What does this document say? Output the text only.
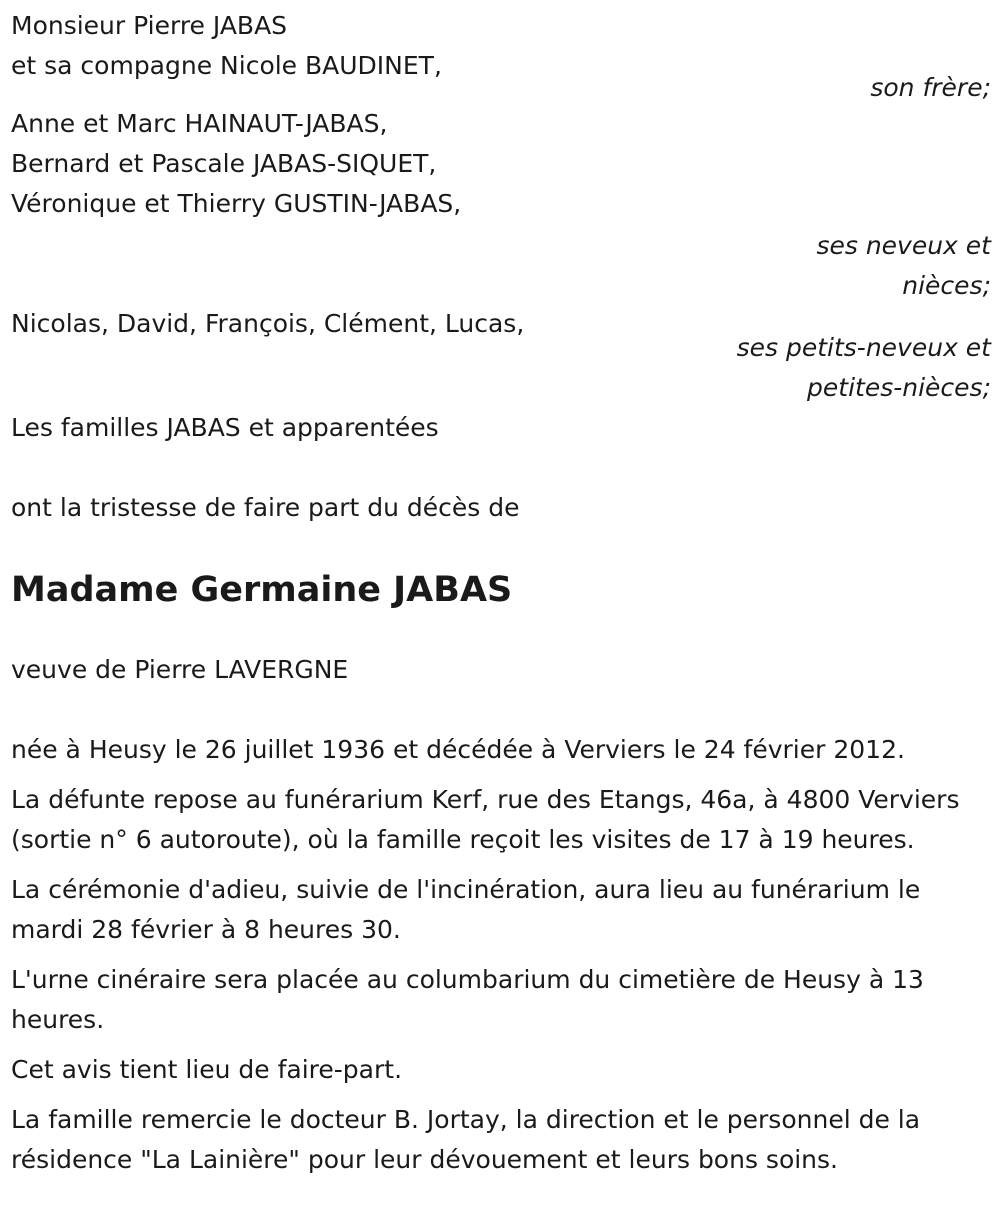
Monsieur Pierre JABAS
et sa compagne Nicole BAUDINET,
son frère;
Anne et Marc HAINAUT-JABAS,
Bernard et Pascale JABAS-SIQUET,
Véronique et Thierry GUSTIN-JABAS,
ses neveux et
nièces;
Nicolas, David, François, Clément, Lucas,
ses petits-neveux et
petites-nièces;
Les familles JABAS et apparentées
ont la tristesse de faire part du décès de
Madame Germaine JABAS
veuve de Pierre LAVERGNE

née à Heusy le 26 juillet 1936 et décédée à Verviers le 24 février 2012.

La défunte repose au funérarium Kerf, rue des Etangs, 46a, à 4800 Verviers (sortie n° 6 autoroute), où la famille reçoit les visites de 17 à 19 heures.

La cérémonie d'adieu, suivie de l'incinération, aura lieu au funérarium le mardi 28 février à 8 heures 30.

L'urne cinéraire sera placée au columbarium du cimetière de Heusy à 13 heures.

Cet avis tient lieu de faire-part.

La famille remercie le docteur B. Jortay, la direction et le personnel de la résidence "La Lainière" pour leur dévouement et leurs bons soins.
